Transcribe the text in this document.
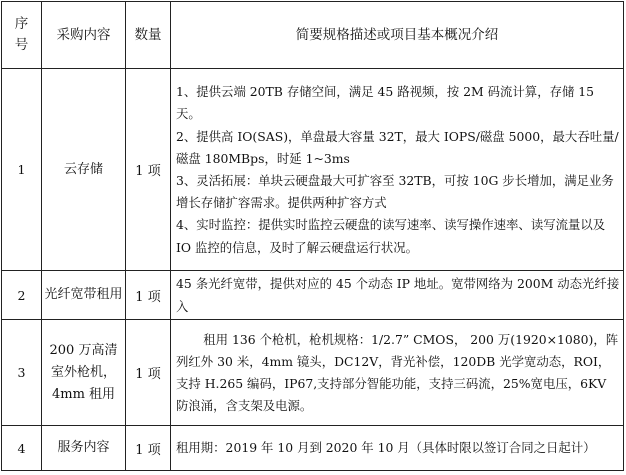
序
号	采购内容	数量	简要规格描述或项目基本概况介绍
1	云存储	1 项	1、提供云端 20TB 存储空间，满足 45 路视频，按 2M 码流计算，存储 15 天。

2、提供高 IO(SAS)，单盘最大容量 32T，最大 IOPS/磁盘 5000，最大吞吐量/磁盘 180MBps，时延 1~3ms

3、灵活拓展：单块云硬盘最大可扩容至 32TB，可按 10G 步长增加，满足业务增长存储扩容需求。提供两种扩容方式

4、实时监控：提供实时监控云硬盘的读写速率、读写操作速率、读写流量以及 IO 监控的信息，及时了解云硬盘运行状况。

2	光纤宽带租用	1 项	45 条光纤宽带，提供对应的 45 个动态 IP 地址。宽带网络为 200M 动态光纤接入

3	200 万高清室外枪机，4mm 租用	1 项	租用 136 个枪机，枪机规格：1/2.7” CMOS， 200 万(1920×1080)，阵列红外 30 米，4mm 镜头，DC12V，背光补偿，120DB 光学宽动态，ROI，支持 H.265 编码，IP67,支持部分智能功能，支持三码流，25%宽电压，6KV 防浪涌，含支架及电源。

4	服务内容	1 项	租用期：2019 年 10 月到 2020 年 10 月（具体时限以签订合同之日起计）
